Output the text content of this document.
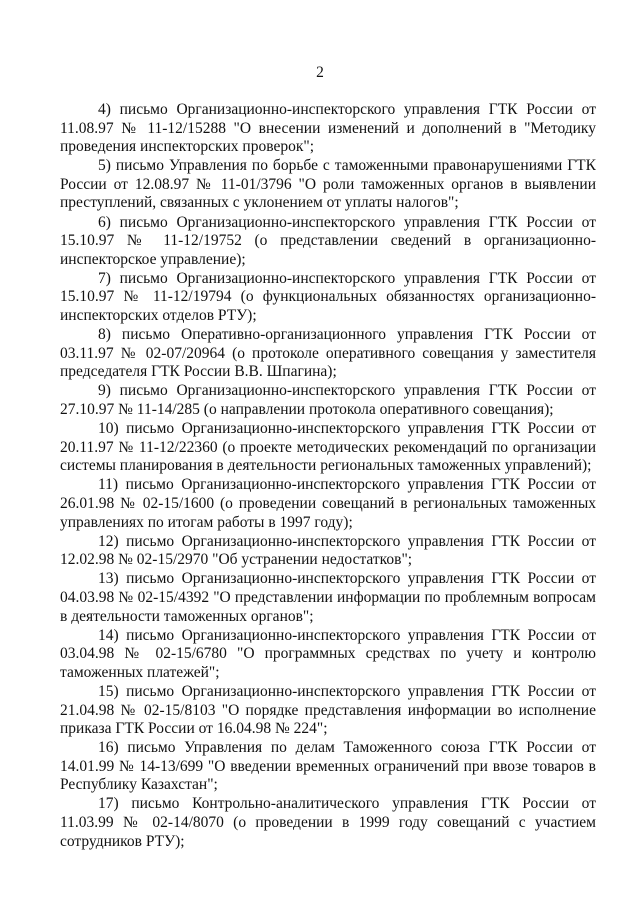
2

4) письмо Организационно-инспекторского управления ГТК России от 11.08.97 № 11-12/15288 "О внесении изменений и дополнений в "Методику проведения инспекторских проверок";

5) письмо Управления по борьбе с таможенными правонарушениями ГТК России от 12.08.97 № 11-01/3796 "О роли таможенных органов в выявлении преступлений, связанных с уклонением от уплаты налогов";

6) письмо Организационно-инспекторского управления ГТК России от 15.10.97 № 11-12/19752 (о представлении сведений в организационно-инспекторское управление);

7) письмо Организационно-инспекторского управления ГТК России от 15.10.97 № 11-12/19794 (о функциональных обязанностях организационно-инспекторских отделов РТУ);

8) письмо Оперативно-организационного управления ГТК России от 03.11.97 № 02-07/20964 (о протоколе оперативного совещания у заместителя председателя ГТК России В.В. Шпагина);

9) письмо Организационно-инспекторского управления ГТК России от 27.10.97 № 11-14/285 (о направлении протокола оперативного совещания);

10) письмо Организационно-инспекторского управления ГТК России от 20.11.97 № 11-12/22360 (о проекте методических рекомендаций по организации системы планирования в деятельности региональных таможенных управлений);

11) письмо Организационно-инспекторского управления ГТК России от 26.01.98 № 02-15/1600 (о проведении совещаний в региональных таможенных управлениях по итогам работы в 1997 году);

12) письмо Организационно-инспекторского управления ГТК России от 12.02.98 № 02-15/2970 "Об устранении недостатков";

13) письмо Организационно-инспекторского управления ГТК России от 04.03.98 № 02-15/4392 "О представлении информации по проблемным вопросам в деятельности таможенных органов";

14) письмо Организационно-инспекторского управления ГТК России от 03.04.98 № 02-15/6780 "О программных средствах по учету и контролю таможенных платежей";

15) письмо Организационно-инспекторского управления ГТК России от 21.04.98 № 02-15/8103 "О порядке представления информации во исполнение приказа ГТК России от 16.04.98 № 224";

16) письмо Управления по делам Таможенного союза ГТК России от 14.01.99 № 14-13/699 "О введении временных ограничений при ввозе товаров в Республику Казахстан";

17) письмо Контрольно-аналитического управления ГТК России от 11.03.99 № 02-14/8070 (о проведении в 1999 году совещаний с участием сотрудников РТУ);
